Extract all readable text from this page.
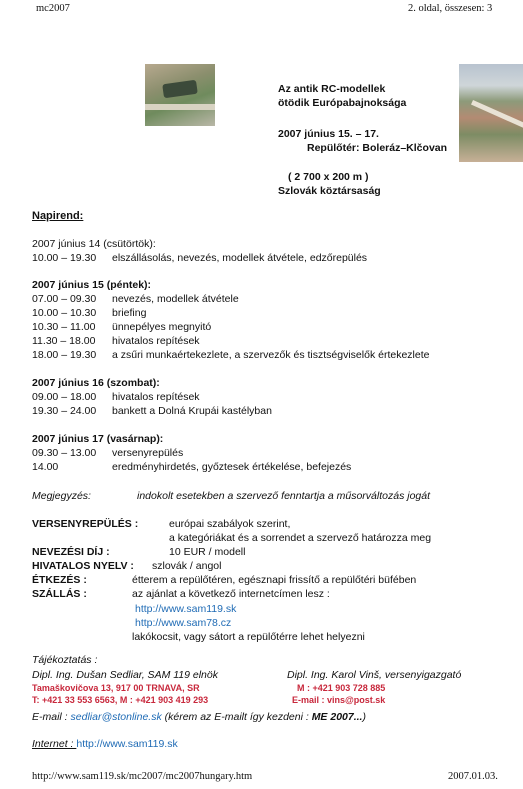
mc2007	2. oldal, összesen: 3
Az antik RC-modellek
ötödik Európabajnoksága
2007 június 15. – 17.
Repülőtér: Boleráz–Klčovan
( 2 700 x 200 m )
Szlovák köztársaság
Napirend:
2007 június 14 (csütörtök):
10.00 – 19.30 elszállásolás, nevezés, modellek átvétele, edzőrepülés
2007 június 15 (péntek):
07.00 – 09.30 nevezés, modellek átvétele
10.00 – 10.30 briefing
10.30 – 11.00 ünnepélyes megnyitó
11.30 – 18.00 hivatalos repítések
18.00 – 19.30 a zsűri munkaértekezlete, a szervezők és tisztségviselők értekezlete
2007 június 16 (szombat):
09.00 – 18.00 hivatalos repítések
19.30 – 24.00 bankett a Dolná Krupái kastélyban
2007 június 17 (vasárnap):
09.30 – 13.00 versenyrepülés
14.00	eredményhirdetés, győztesek értékelése, befejezés
Megjegyzés:	indokolt esetekben a szervező fenntartja a műsorváltozás jogát
VERSENYREPÜLÉS :	európai szabályok szerint,
a kategóriákat és a sorrendet a szervező határozza meg
NEVEZÉSI DÍJ :	10 EUR / modell
HIVATALOS NYELV : szlovák / angol
ÉTKEZÉS :	étterem a repülőtéren, egésznapi frissítő a repülőtéri büfében
SZÁLLÁS :	az ajánlat a következő internetcímen lesz :
http://www.sam119.sk
http://www.sam78.cz
lakókocsit, vagy sátort a repülőtérre lehet helyezni
Tájékoztatás :
Dipl. Ing. Dušan Sedliar, SAM 119 elnök	Dipl. Ing. Karol Vinš, versenyigazgató
Tamaškovičova 13, 917 00 TRNAVA, SR	M : +421 903 728 885
T: +421 33 553 6563, M : +421 903 419 293	E-mail : vins@post.sk
E-mail : sedliar@stonline.sk (kérem az E-mailt így kezdeni : ME 2007...)
Internet : http://www.sam119.sk
http://www.sam119.sk/mc2007/mc2007hungary.htm	2007.01.03.
